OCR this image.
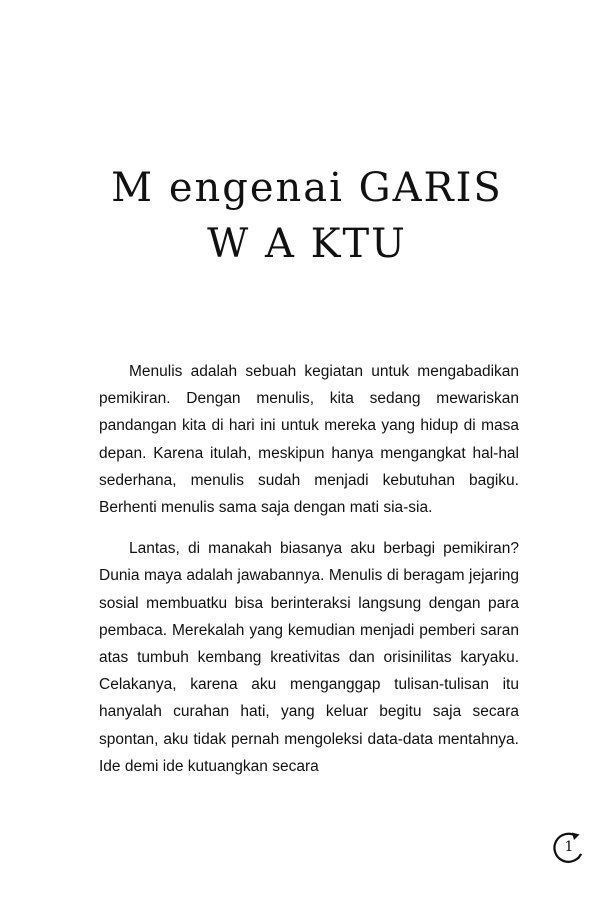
M engenai GARIS
W A KTU

Menulis adalah sebuah kegiatan untuk mengabadikan pemikiran. Dengan menulis, kita sedang mewariskan pandangan kita di hari ini untuk mereka yang hidup di masa depan. Karena itulah, meskipun hanya mengangkat hal-hal sederhana, menulis sudah menjadi kebutuhan bagiku. Berhenti menulis sama saja dengan mati sia-sia.

Lantas, di manakah biasanya aku berbagi pemikiran? Dunia maya adalah jawabannya. Menulis di beragam jejaring sosial membuatku bisa berinteraksi langsung dengan para pembaca. Merekalah yang kemudian menjadi pemberi saran atas tumbuh kembang kreativitas dan orisinilitas karyaku. Celakanya, karena aku menganggap tulisan-tulisan itu hanyalah curahan hati, yang keluar begitu saja secara spontan, aku tidak pernah mengoleksi data-data mentahnya. Ide demi ide kutuangkan secara

1
